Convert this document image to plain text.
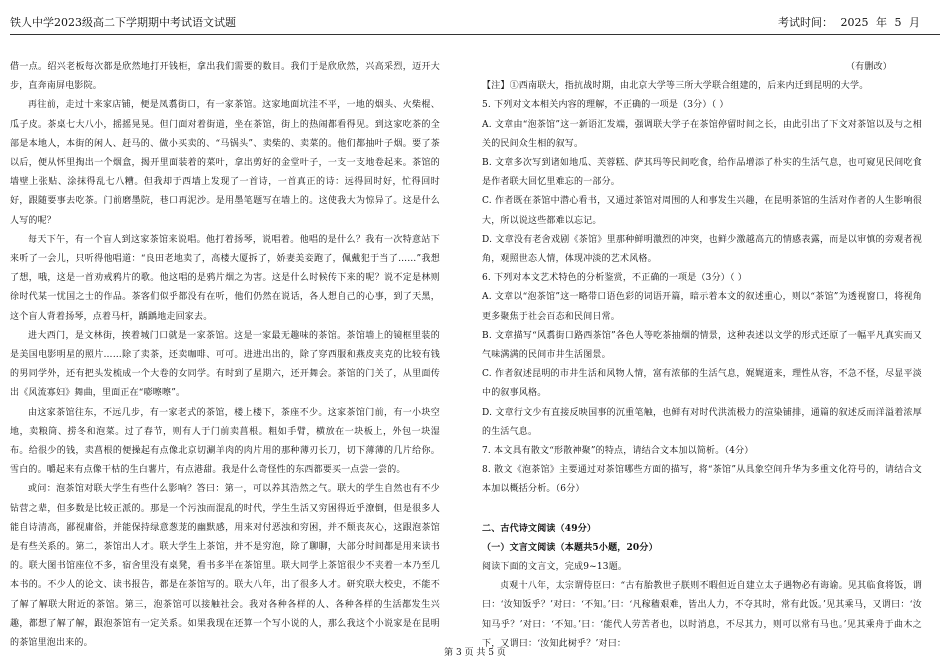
铁人中学2023级高二下学期期中考试语文试题	考试时间： 2025 年 5 月

借一点。绍兴老板每次都是欣然地打开钱柜，拿出我们需要的数目。我们于是欣欣然，兴高采烈，迈开大步，直奔南屏电影院。

再往前，走过十来家店铺，便是凤翥街口，有一家茶馆。这家地面坑洼不平，一地的烟头、火柴棍、瓜子皮。茶桌七大八小，摇摇晃晃。但门面对着街道，坐在茶馆，街上的热闹都看得见。到这家吃茶的全部是本地人，本街的闲人、赶马的、做小买卖的、“马锅头”、卖柴的、卖菜的。他们都抽叶子烟。要了茶以后，便从怀里掏出一个烟盒，揭开里面装着的菜叶，拿出剪好的金堂叶子，一支一支地卷起来。茶馆的墙壁上张贴、涂抹得乱七八糟。但我却于西墙上发现了一首诗，一首真正的诗：远得回时好，忙得回时好，跟随要事去吃茶。门前磨墨院，巷口再泥沙。是用墨笔题写在墙上的。这使我大为惊异了。这是什么人写的呢？

每天下午，有一个盲人到这家茶馆来说唱。他打着扬琴，说唱着。他唱的是什么？我有一次特意站下来听了一会儿，只听得他唱道：“良田老地卖了，高楼大厦拆了，娇妻美妾跑了，佩戴犯于当了……”我想了想，哦，这是一首劝戒鸦片的歌。他这唱的是鸦片烟之为害。这是什么时候传下来的呢？说不定是林则徐时代某一忧国之士的作品。茶客们似乎都没有在听，他们仍然在说话，各人想自己的心事，到了天黑，这个盲人背着扬琴，点着马杆，踽踽地走回家去。

进大西门，是文林街，挨着城门口就是一家茶馆。这是一家最无趣味的茶馆。茶馆墙上的镜框里装的是美国电影明星的照片……除了卖茶，还卖咖啡、可可。进进出出的，除了穿西服和燕皮夹克的比较有钱的男同学外，还有把头发梳成一个大卷的女同学。有时到了星期六，还开舞会。茶馆的门关了，从里面传出《风流寡妇》舞曲，里面正在“嘭嚓嚓”。

由这家茶馆往东，不远几步，有一家老式的茶馆，楼上楼下，茶座不少。这家茶馆门前，有一小块空地，卖粮筒、捞冬和泡菜。过了春节，则有人于门前卖菖根。粗如手臂，横放在一块板上，外包一块湿布。给很少的钱，卖菖根的便操起有点像北京切涮羊肉的肉片用的那种薄刃长刀，切下薄薄的几片给你。雪白的。嚼起来有点像干枯的生白薯片，有点港甜。我是什么奇怪性的东西都要买一点尝一尝的。

或问：泡茶馆对联大学生有些什么影响？答曰：第一，可以养其浩然之气。联大的学生自然也有不少钻营之辈，但多数是比较正派的。那是一个污浊而混乱的时代，学生生活又穷困得近乎潦倒，但是很多人能自诗清高，鄙视庸俗，并能保持绿意葱茏的幽默感，用来对付恶浊和穷困，并不颓丧灰心，这跟泡茶馆是有些关系的。第二，茶馆出人才。联大学生上茶馆，并不是穷泡，除了聊聊，大部分时间都是用来读书的。联大图书馆座位不多，宿舍里没有桌凳，看书多半在茶馆里。联大同学上茶馆很少不夹着一本乃至几本书的。不少人的论文、读书报告，都是在茶馆写的。联大八年，出了很多人才。研究联大校史，不能不了解了解联大附近的茶馆。第三，泡茶馆可以接触社会。我对各种各样的人、各种各样的生活都发生兴趣，都想了解了解，跟泡茶馆有一定关系。如果我现在还算一个写小说的人，那么我这个小说家是在昆明的茶馆里泡出来的。

（有删改）

【注】①西南联大，指抗战时期，由北京大学等三所大学联合组建的，后来内迁到昆明的大学。

5. 下列对文本相关内容的理解，不正确的一项是（3分）（ ）

A. 文章由“泡茶馆”这一新语汇发端，强调联大学子在茶馆停留时间之长，由此引出了下文对茶馆以及与之相关的民间众生相的叙写。

B. 文章多次写到诸如地瓜、芙蓉糕、萨其玛等民间吃食，给作品增添了朴实的生活气息，也可窥见民间吃食是作者联大回忆里难忘的一部分。

C. 作者既在茶馆中潜心看书，又通过茶馆对周围的人和事发生兴趣，在昆明茶馆的生活对作者的人生影响很大，所以说这些都难以忘记。

D. 文章没有老舍戏剧《茶馆》里那种鲜明激烈的冲突，也鲜少激越高亢的情感表露，而是以审慎的旁观者视角，观照世态人情，体现冲淡的艺术风格。

6. 下列对本文艺术特色的分析鉴赏，不正确的一项是（3分）（ ）

A. 文章以“泡茶馆”这一略带口语色彩的词语开篇，暗示着本文的叙述重心，则以“茶馆”为透视窗口，将视角更多聚焦于社会百态和民间日常。

B. 文章描写“风翥街口路西茶馆”各色人等吃茶抽烟的情景，这种表述以文学的形式还原了一幅平凡真实而又气味满满的民间市井生活图景。

C. 作者叙述昆明的市井生活和风物人情，富有浓郁的生活气息，娓娓道来，理性从容，不急不怪，尽显平淡中的叙事风格。

D. 文章行文少有直接反映国事的沉重笔触，也鲜有对时代洪流极力的渲染铺排，通篇的叙述反而洋溢着浓厚的生活气息。

7. 本文具有散文“形散神聚”的特点，请结合文本加以简析。（4分）

8. 散文《泡茶馆》主要通过对茶馆哪些方面的描写，将“茶馆”从具象空间升华为多重文化符号的，请结合文本加以概括分析。（6分）

二、古代诗文阅读（49分）

（一）文言文阅读（本题共5小题，20分）

阅读下面的文言文，完成9~13题。

贞观十八年，太宗谓侍臣曰：“古有胎教世子朕则不暇但近自建立太子遇物必有诲谕。见其临食将饭，谓曰：‘汝知饭乎？’对曰：‘不知。’曰：‘凡稼穑艰难，皆出人力，不夺其时，常有此饭。’见其乘马，又谓曰：‘汝知马乎？’对曰：‘不知。’曰：‘能代人劳苦者也，以时消息，不尽其力，则可以常有马也。’见其乘舟于曲木之下，又谓曰：‘汝知此树乎？’对曰：

第 3 页 共 5 页
